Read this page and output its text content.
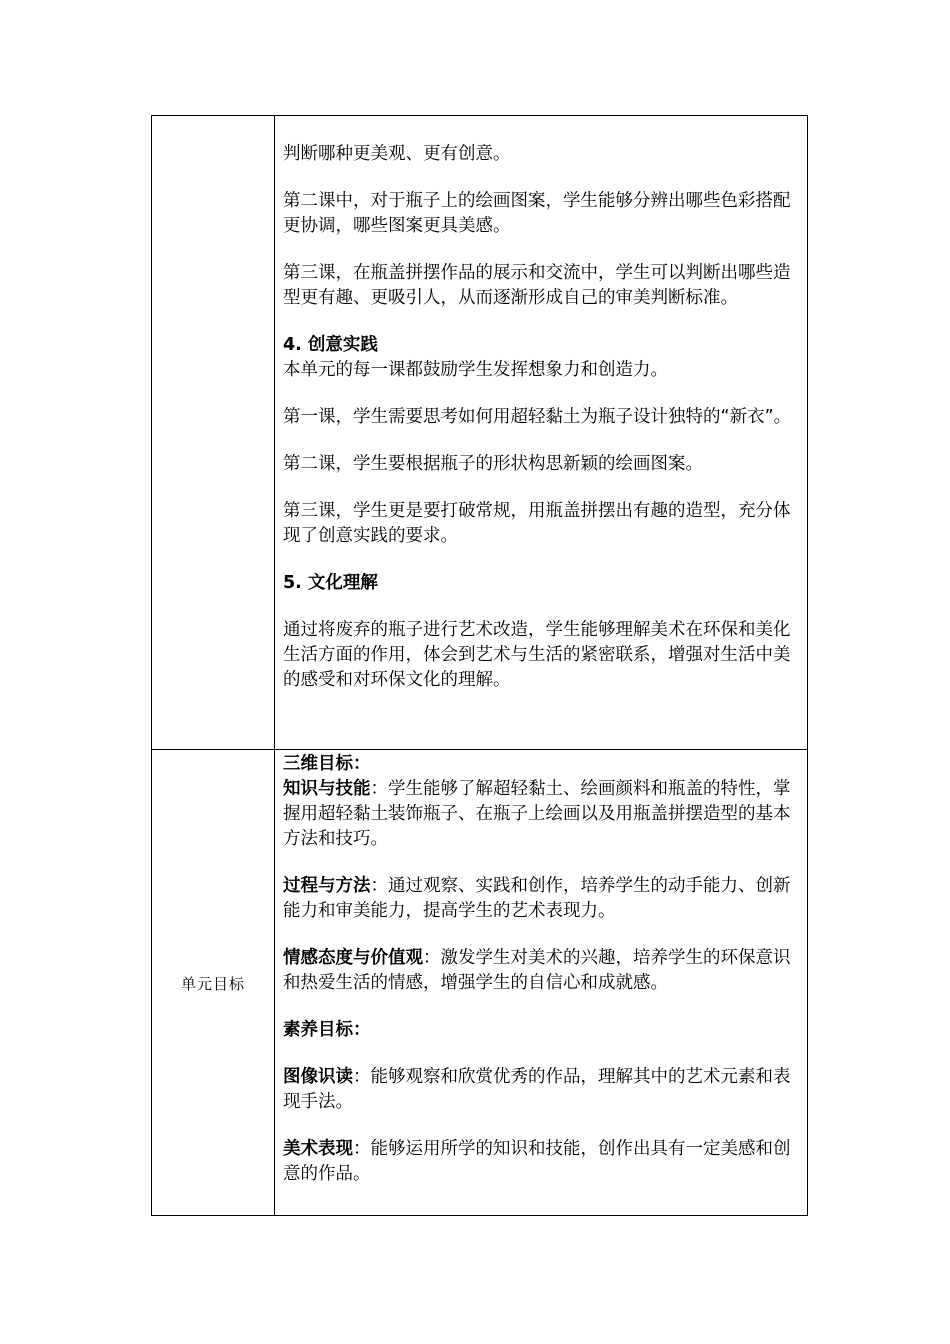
判断哪种更美观、更有创意。

第二课中，对于瓶子上的绘画图案，学生能够分辨出哪些色彩搭配更协调，哪些图案更具美感。

第三课，在瓶盖拼摆作品的展示和交流中，学生可以判断出哪些造型更有趣、更吸引人，从而逐渐形成自己的审美判断标准。

4. 创意实践

本单元的每一课都鼓励学生发挥想象力和创造力。

第一课，学生需要思考如何用超轻黏土为瓶子设计独特的“新衣”。

第二课，学生要根据瓶子的形状构思新颖的绘画图案。

第三课，学生更是要打破常规，用瓶盖拼摆出有趣的造型，充分体现了创意实践的要求。

5. 文化理解

通过将废弃的瓶子进行艺术改造，学生能够理解美术在环保和美化生活方面的作用，体会到艺术与生活的紧密联系，增强对生活中美的感受和对环保文化的理解。

单元目标

三维目标：

知识与技能：学生能够了解超轻黏土、绘画颜料和瓶盖的特性，掌握用超轻黏土装饰瓶子、在瓶子上绘画以及用瓶盖拼摆造型的基本方法和技巧。

过程与方法：通过观察、实践和创作，培养学生的动手能力、创新能力和审美能力，提高学生的艺术表现力。

情感态度与价值观：激发学生对美术的兴趣，培养学生的环保意识和热爱生活的情感，增强学生的自信心和成就感。

素养目标：

图像识读：能够观察和欣赏优秀的作品，理解其中的艺术元素和表现手法。

美术表现：能够运用所学的知识和技能，创作出具有一定美感和创意的作品。
